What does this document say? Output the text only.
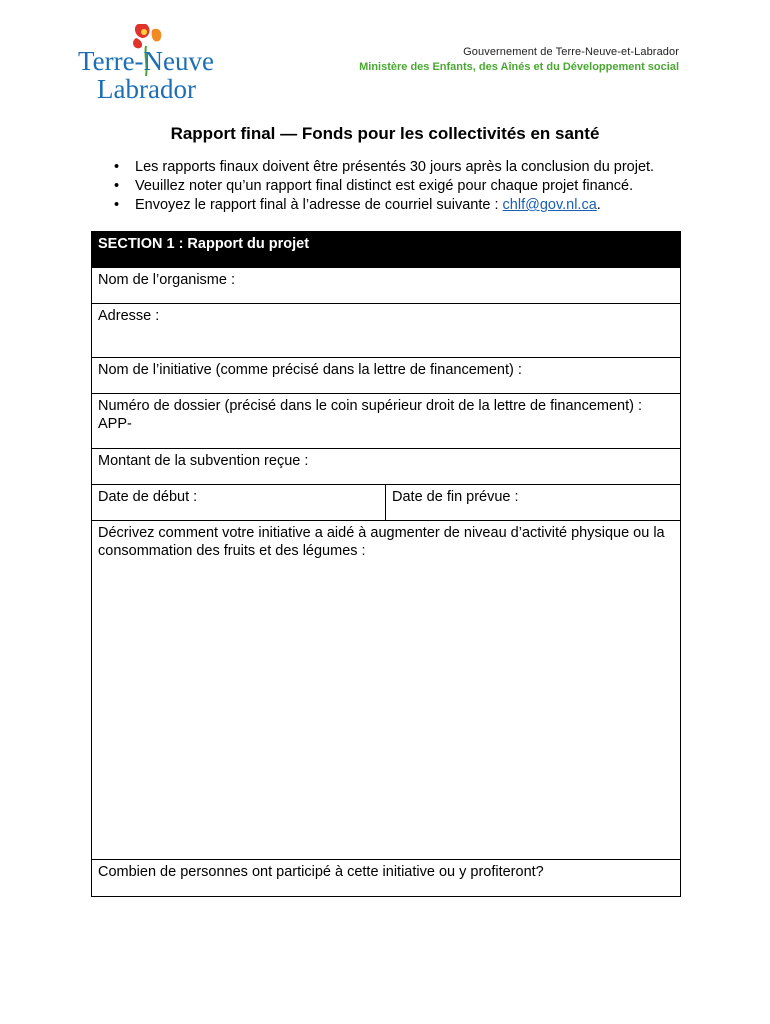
Terre-Neuve
Labrador
Gouvernement de Terre-Neuve-et-Labrador
Ministère des Enfants, des Aînés et du Développement social
Rapport final — Fonds pour les collectivités en santé
• Les rapports finaux doivent être présentés 30 jours après la conclusion du projet.
• Veuillez noter qu’un rapport final distinct est exigé pour chaque projet financé.
• Envoyez le rapport final à l’adresse de courriel suivante : chlf@gov.nl.ca.
SECTION 1 : Rapport du projet
Nom de l’organisme :
Adresse :
Nom de l’initiative (comme précisé dans la lettre de financement) :

Numéro de dossier (précisé dans le coin supérieur droit de la lettre de financement) :
APP-

Montant de la subvention reçue :
Date de début :	Date de fin prévue :
Décrivez comment votre initiative a aidé à augmenter de niveau d’activité physique ou la consommation des fruits et des légumes :
Combien de personnes ont participé à cette initiative ou y profiteront?
